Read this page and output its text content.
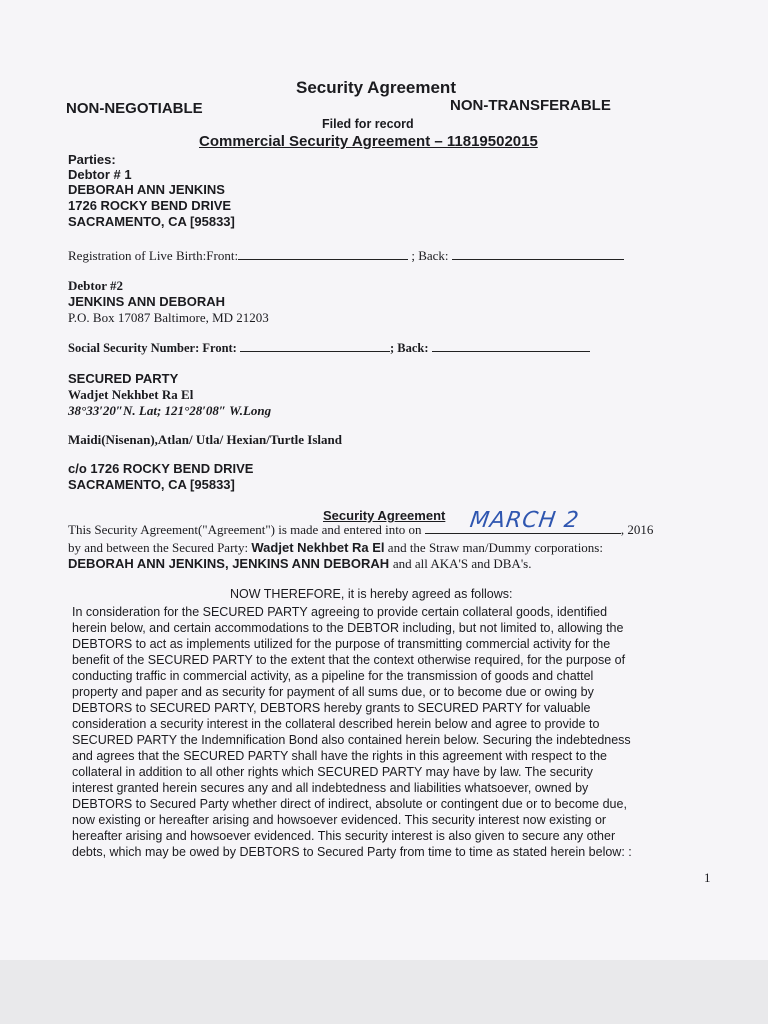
Security Agreement
NON-NEGOTIABLE	NON-TRANSFERABLE
Filed for record
Commercial Security Agreement – 11819502015
Parties:
Debtor # 1
DEBORAH ANN JENKINS
1726 ROCKY BEND DRIVE
SACRAMENTO, CA [95833]
Registration of Live Birth:Front:	; Back:
Debtor #2
JENKINS ANN DEBORAH
P.O. Box 17087 Baltimore, MD 21203
Social Security Number: Front:	; Back:
SECURED PARTY
Wadjet Nekhbet Ra El
38°33′20″N. Lat; 121°28′08″ W.Long
Maidi(Nisenan),Atlan/ Utla/ Hexian/Turtle Island
c/o 1726 ROCKY BEND DRIVE
SACRAMENTO, CA [95833]
Security Agreement
This Security Agreement("Agreement") is made and entered into on	, 2016
MARCH 2
by and between the Secured Party: Wadjet Nekhbet Ra El and the Straw man/Dummy corporations:
DEBORAH ANN JENKINS, JENKINS ANN DEBORAH and all AKA'S and DBA's.
NOW THEREFORE, it is hereby agreed as follows:
In consideration for the SECURED PARTY agreeing to provide certain collateral goods, identified
herein below, and certain accommodations to the DEBTOR including, but not limited to, allowing the
DEBTORS to act as implements utilized for the purpose of transmitting commercial activity for the
benefit of the SECURED PARTY to the extent that the context otherwise required, for the purpose of
conducting traffic in commercial activity, as a pipeline for the transmission of goods and chattel
property and paper and as security for payment of all sums due, or to become due or owing by
DEBTORS to SECURED PARTY, DEBTORS hereby grants to SECURED PARTY for valuable
consideration a security interest in the collateral described herein below and agree to provide to
SECURED PARTY the Indemnification Bond also contained herein below. Securing the indebtedness
and agrees that the SECURED PARTY shall have the rights in this agreement with respect to the
collateral in addition to all other rights which SECURED PARTY may have by law. The security
interest granted herein secures any and all indebtedness and liabilities whatsoever, owned by
DEBTORS to Secured Party whether direct of indirect, absolute or contingent due or to become due,
now existing or hereafter arising and howsoever evidenced. This security interest now existing or
hereafter arising and howsoever evidenced. This security interest is also given to secure any other
debts, which may be owed by DEBTORS to Secured Party from time to time as stated herein below: :
1
